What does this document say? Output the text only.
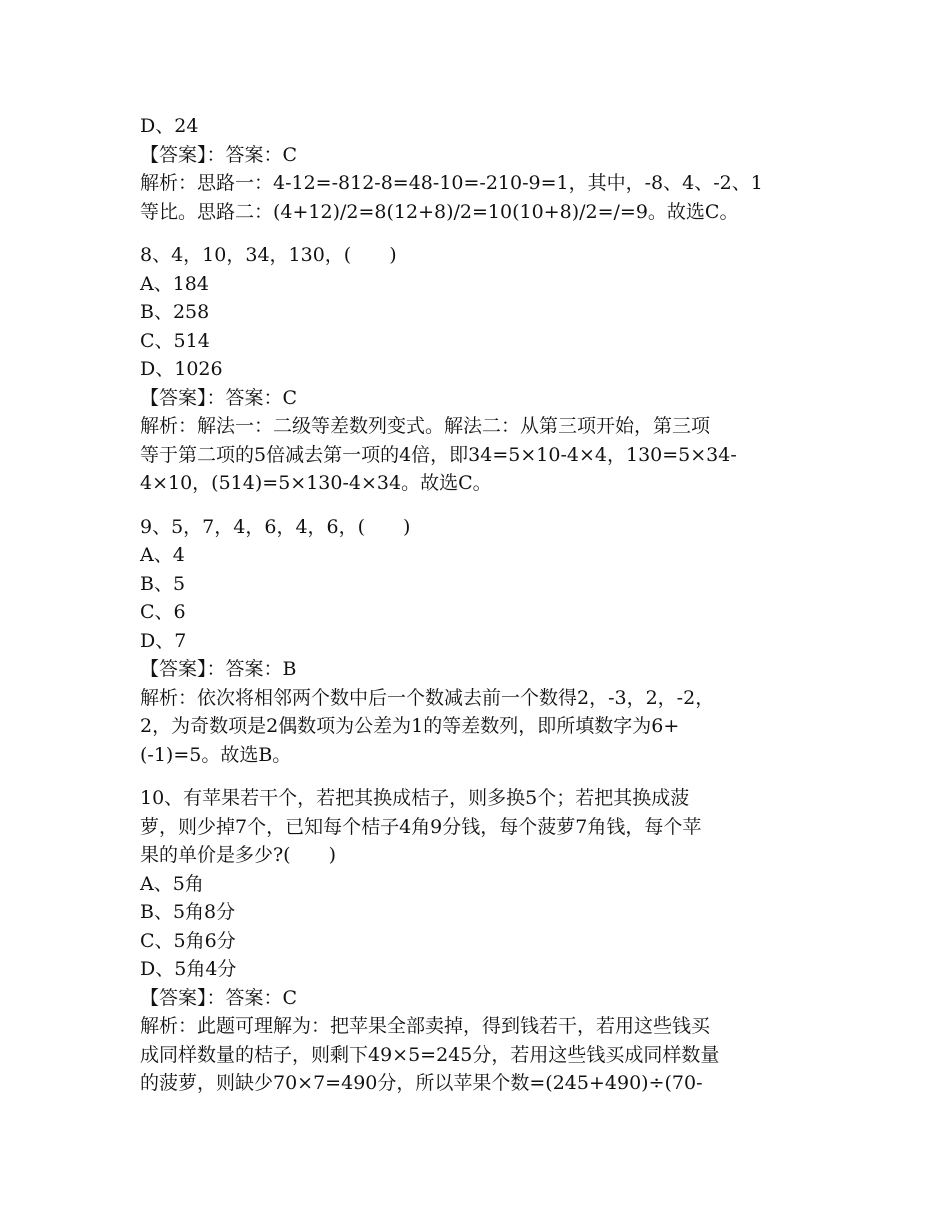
D、24
【答案】：答案：C
解析：思路一：4-12=-812-8=48-10=-210-9=1，其中，-8、4、-2、1
等比。思路二：(4+12)/2=8(12+8)/2=10(10+8)/2=/=9。故选C。
8、4，10，34，130，(　　)
A、184
B、258
C、514
D、1026
【答案】：答案：C
解析：解法一：二级等差数列变式。解法二：从第三项开始，第三项
等于第二项的5倍减去第一项的4倍，即34=5×10-4×4，130=5×34-
4×10，(514)=5×130-4×34。故选C。
9、5，7，4，6，4，6，(　　)
A、4
B、5
C、6
D、7
【答案】：答案：B
解析：依次将相邻两个数中后一个数减去前一个数得2，-3，2，-2，
2，为奇数项是2偶数项为公差为1的等差数列，即所填数字为6+
(-1)=5。故选B。
10、有苹果若干个，若把其换成桔子，则多换5个；若把其换成菠
萝，则少掉7个，已知每个桔子4角9分钱，每个菠萝7角钱，每个苹
果的单价是多少?(　　)
A、5角
B、5角8分
C、5角6分
D、5角4分
【答案】：答案：C
解析：此题可理解为：把苹果全部卖掉，得到钱若干，若用这些钱买
成同样数量的桔子，则剩下49×5=245分，若用这些钱买成同样数量
的菠萝，则缺少70×7=490分，所以苹果个数=(245+490)÷(70-
